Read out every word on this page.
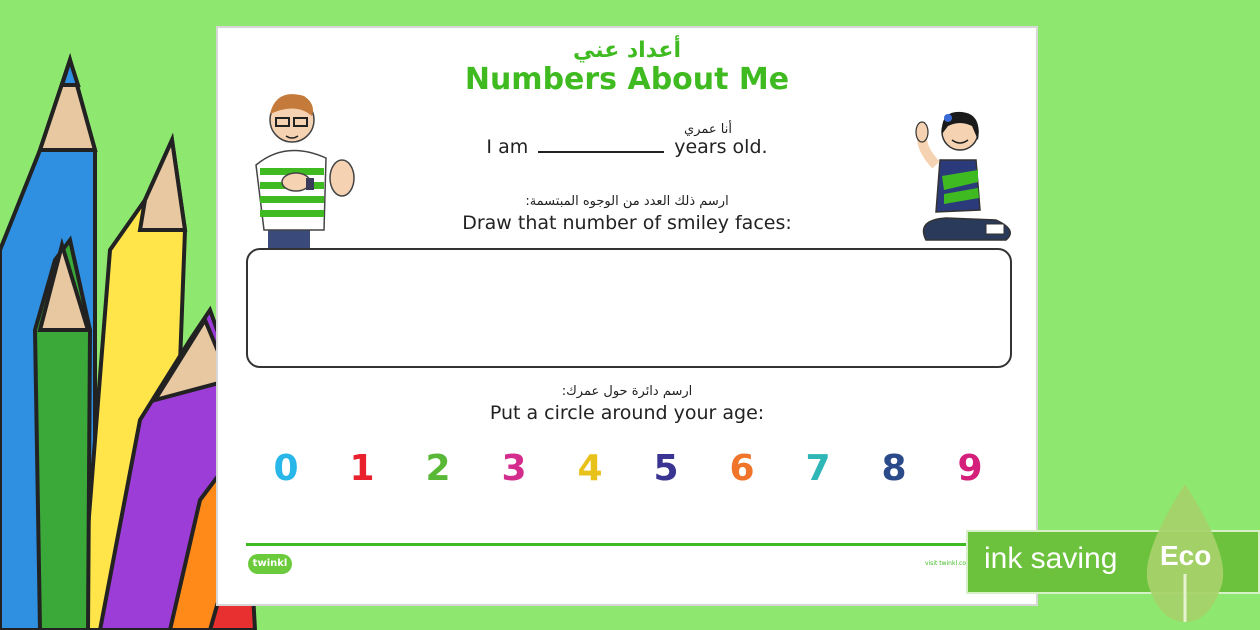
أعداد عني
Numbers About Me
أنا عمري
I am	years old.
ارسم ذلك العدد من الوجوه المبتسمة:
Draw that number of smiley faces:
ارسم دائرة حول عمرك:
Put a circle around your age:
0 1 2 3 4 5 6 7 8 9
twinkl	visit twinkl.co ink saving Eco
